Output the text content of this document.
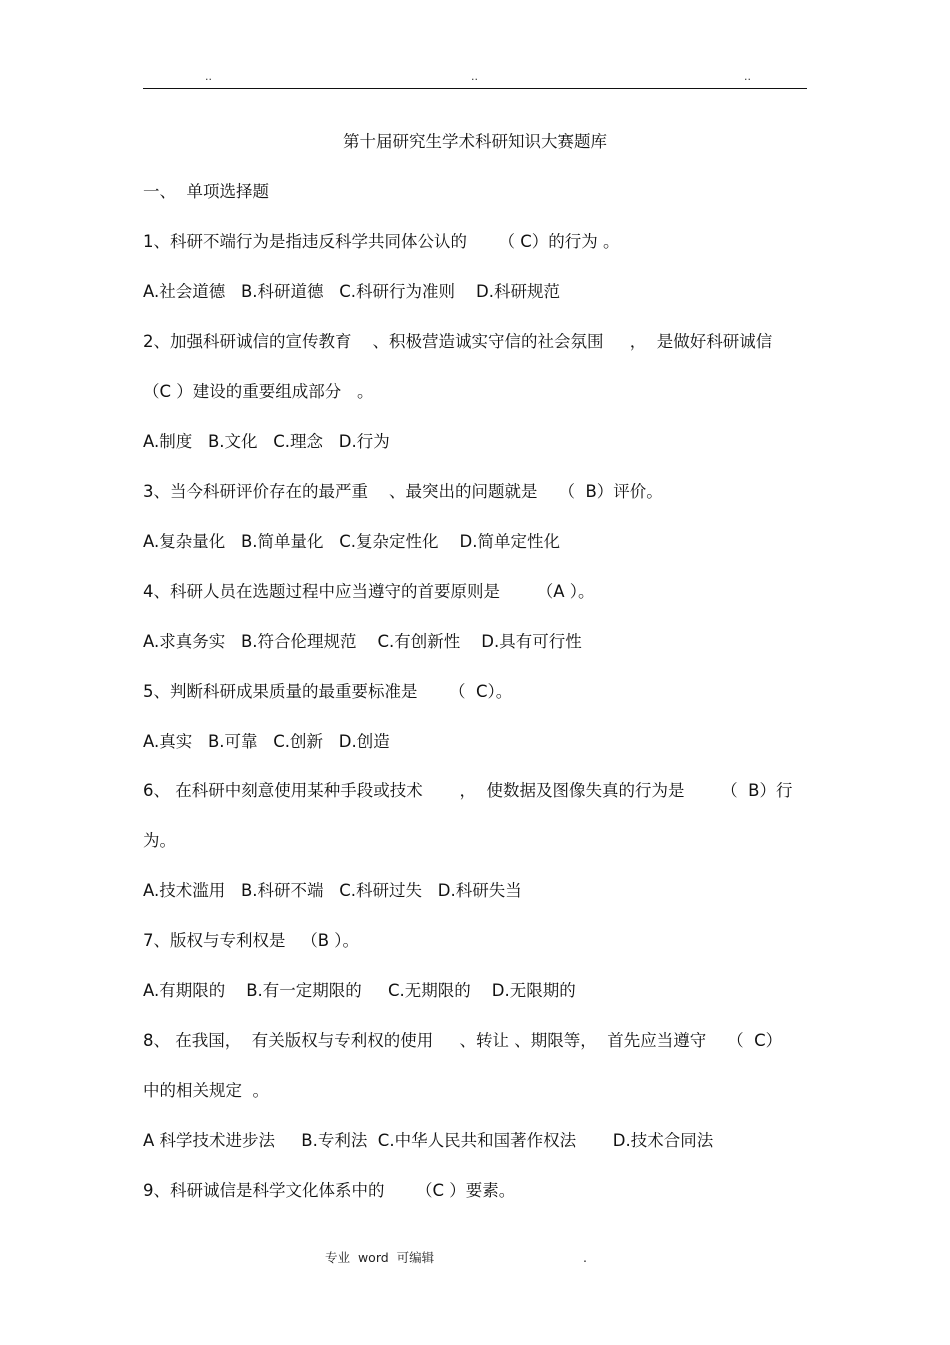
..	..	..
第十届研究生学术科研知识大赛题库
一、  单项选择题
1、科研不端行为是指违反科学共同体公认的      （ C）的行为 。
A.社会道德   B.科研道德   C.科研行为准则    D.科研规范
2、加强科研诚信的宣传教育    、积极营造诚实守信的社会氛围     ，  是做好科研诚信
（C ）建设的重要组成部分   。
A.制度   B.文化   C.理念   D.行为
3、当今科研评价存在的最严重    、最突出的问题就是    （  B）评价。
A.复杂量化   B.简单量化   C.复杂定性化    D.简单定性化
4、科研人员在选题过程中应当遵守的首要原则是       （A ）。
A.求真务实   B.符合伦理规范    C.有创新性    D.具有可行性
5、判断科研成果质量的最重要标准是      （  C）。
A.真实   B.可靠   C.创新   D.创造
6、 在科研中刻意使用某种手段或技术       ，  使数据及图像失真的行为是       （  B）行
为。
A.技术滥用   B.科研不端   C.科研过失   D.科研失当
7、版权与专利权是   （B ）。
A.有期限的    B.有一定期限的     C.无期限的    D.无限期的
8、 在我国，  有关版权与专利权的使用     、转让 、期限等，  首先应当遵守    （  C）
中的相关规定  。
A 科学技术进步法     B.专利法  C.中华人民共和国著作权法       D.技术合同法
9、科研诚信是科学文化体系中的      （C ）要素。
专业  word  可编辑	.
